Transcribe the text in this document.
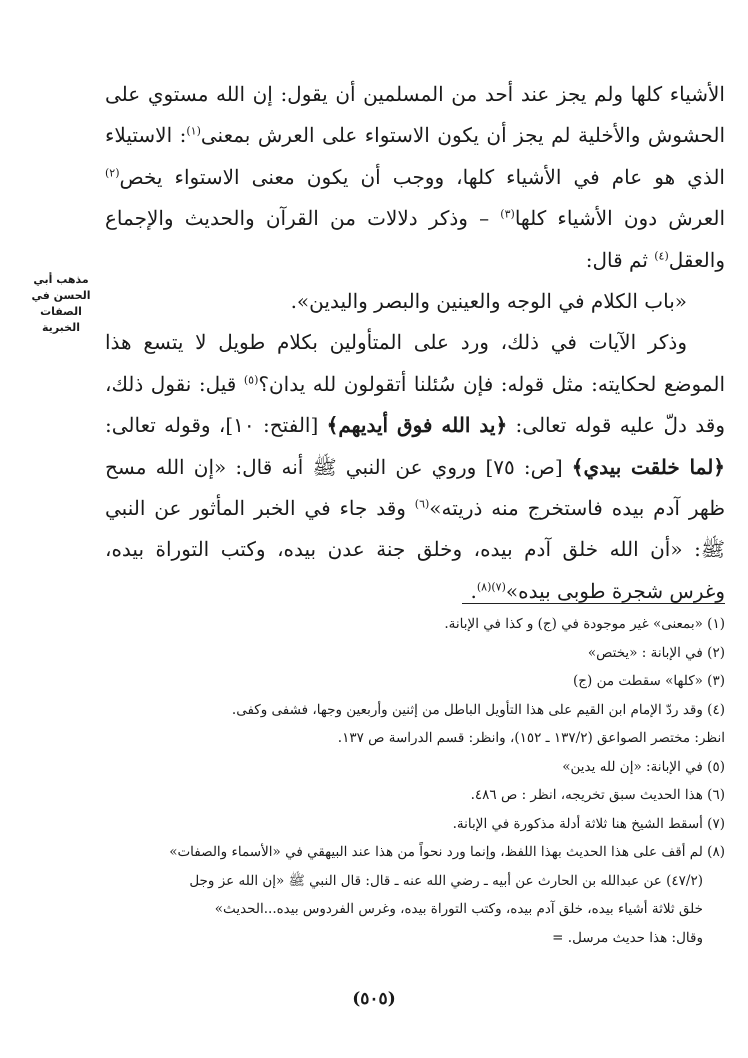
مذهب أبي الحسن في الصفات الخبرية

الأشياء كلها ولم يجز عند أحد من المسلمين أن يقول: إن الله مستوي على الحشوش والأخلية لم يجز أن يكون الاستواء على العرش بمعنى$^{(١)}$: الاستيلاء الذي هو عام في الأشياء كلها، ووجب أن يكون معنى الاستواء يخص$^{(٢)}$ العرش دون الأشياء كلها$^{(٣)}$ – وذكر دلالات من القرآن والحديث والإجماع والعقل$^{(٤)}$ ثم قال:

«باب الكلام في الوجه والعينين والبصر واليدين».

وذكر الآيات في ذلك، ورد على المتأولين بكلام طويل لا يتسع هذا الموضع لحكايته: مثل قوله: فإن سُئلنا أتقولون لله يدان؟$^{(٥)}$ قيل: نقول ذلك، وقد دلّ عليه قوله تعالى: ﴿يد الله فوق أيديهم﴾ [الفتح: ١٠]، وقوله تعالى: ﴿لما خلقت بيدي﴾ [ص: ٧٥] وروي عن النبي ﷺ أنه قال: «إن الله مسح ظهر آدم بيده فاستخرج منه ذريته»$^{(٦)}$ وقد جاء في الخبر المأثور عن النبي ﷺ: «أن الله خلق آدم بيده، وخلق جنة عدن بيده، وكتب التوراة بيده، وغرس شجرة طوبى بيده»$^{(٧)(٨)}$.

(١) «بمعنى» غير موجودة في (ج) و كذا في الإبانة.

(٢) في الإبانة : «يختص»

(٣) «كلها» سقطت من (ج)

(٤) وقد ردّ الإمام ابن القيم على هذا التأويل الباطل من إثنين وأربعين وجها، فشفى وكفى.

انظر: مختصر الصواعق (١٣٧/٢ ـ ١٥٢)، وانظر: قسم الدراسة ص ١٣٧.

(٥) في الإبانة: «إن لله يدين»

(٦) هذا الحديث سبق تخريجه، انظر : ص ٤٨٦.

(٧) أسقط الشيخ هنا ثلاثة أدلة مذكورة في الإبانة.

(٨) لم أقف على هذا الحديث بهذا اللفظ، وإنما ورد نحواً من هذا عند البيهقي في «الأسماء والصفات»

(٤٧/٢) عن عبدالله بن الحارث عن أبيه ـ رضي الله عنه ـ قال: قال النبي ﷺ «إن الله عز وجل

خلق ثلاثة أشياء بيده، خلق آدم بيده، وكتب التوراة بيده، وغرس الفردوس بيده...الحديث»

وقال: هذا حديث مرسل. =

(٥٠٥)
